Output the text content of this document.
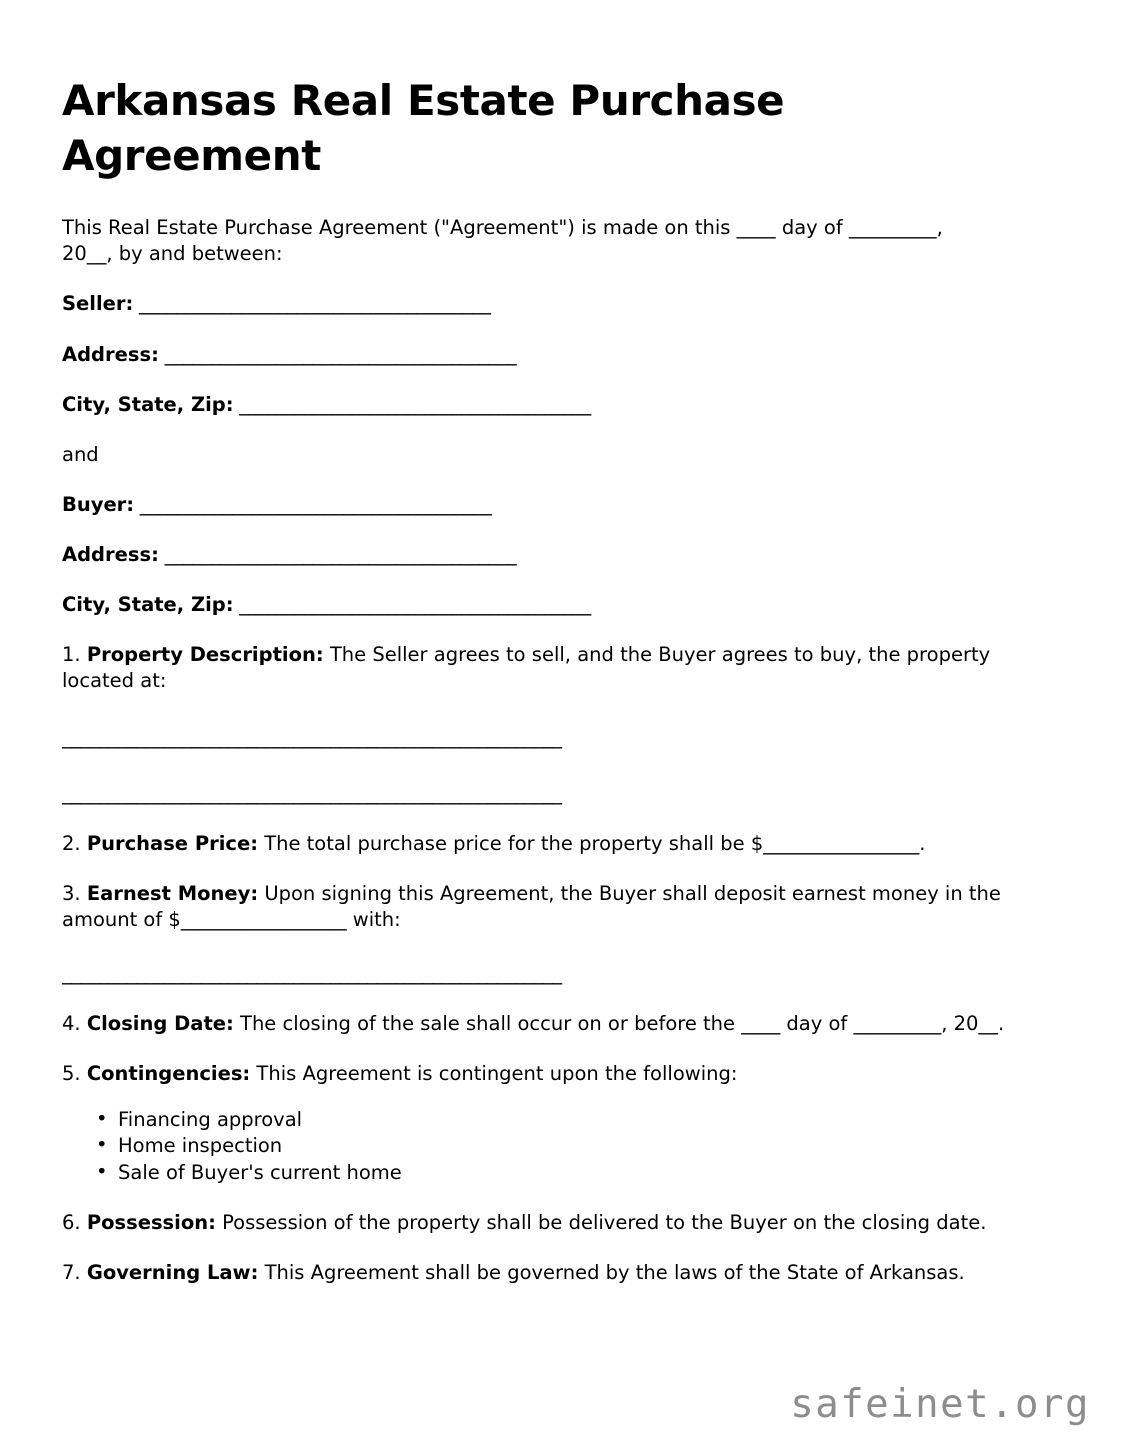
Arkansas Real Estate Purchase Agreement

This Real Estate Purchase Agreement ("Agreement") is made on this ____ day of _________, 20__, by and between:

Seller: ______________________________________
Address: ______________________________________
City, State, Zip: ______________________________________
and
Buyer: ______________________________________
Address: ______________________________________
City, State, Zip: ______________________________________

1. Property Description: The Seller agrees to sell, and the Buyer agrees to buy, the property located at:

______________________________________________________
______________________________________________________

2. Purchase Price: The total purchase price for the property shall be $________________.

3. Earnest Money: Upon signing this Agreement, the Buyer shall deposit earnest money in the amount of $_________________ with:

______________________________________________________

4. Closing Date: The closing of the sale shall occur on or before the ____ day of _________, 20__.

5. Contingencies: This Agreement is contingent upon the following:

• Financing approval
• Home inspection
• Sale of Buyer's current home

6. Possession: Possession of the property shall be delivered to the Buyer on the closing date.

7. Governing Law: This Agreement shall be governed by the laws of the State of Arkansas.

safeinet.org
